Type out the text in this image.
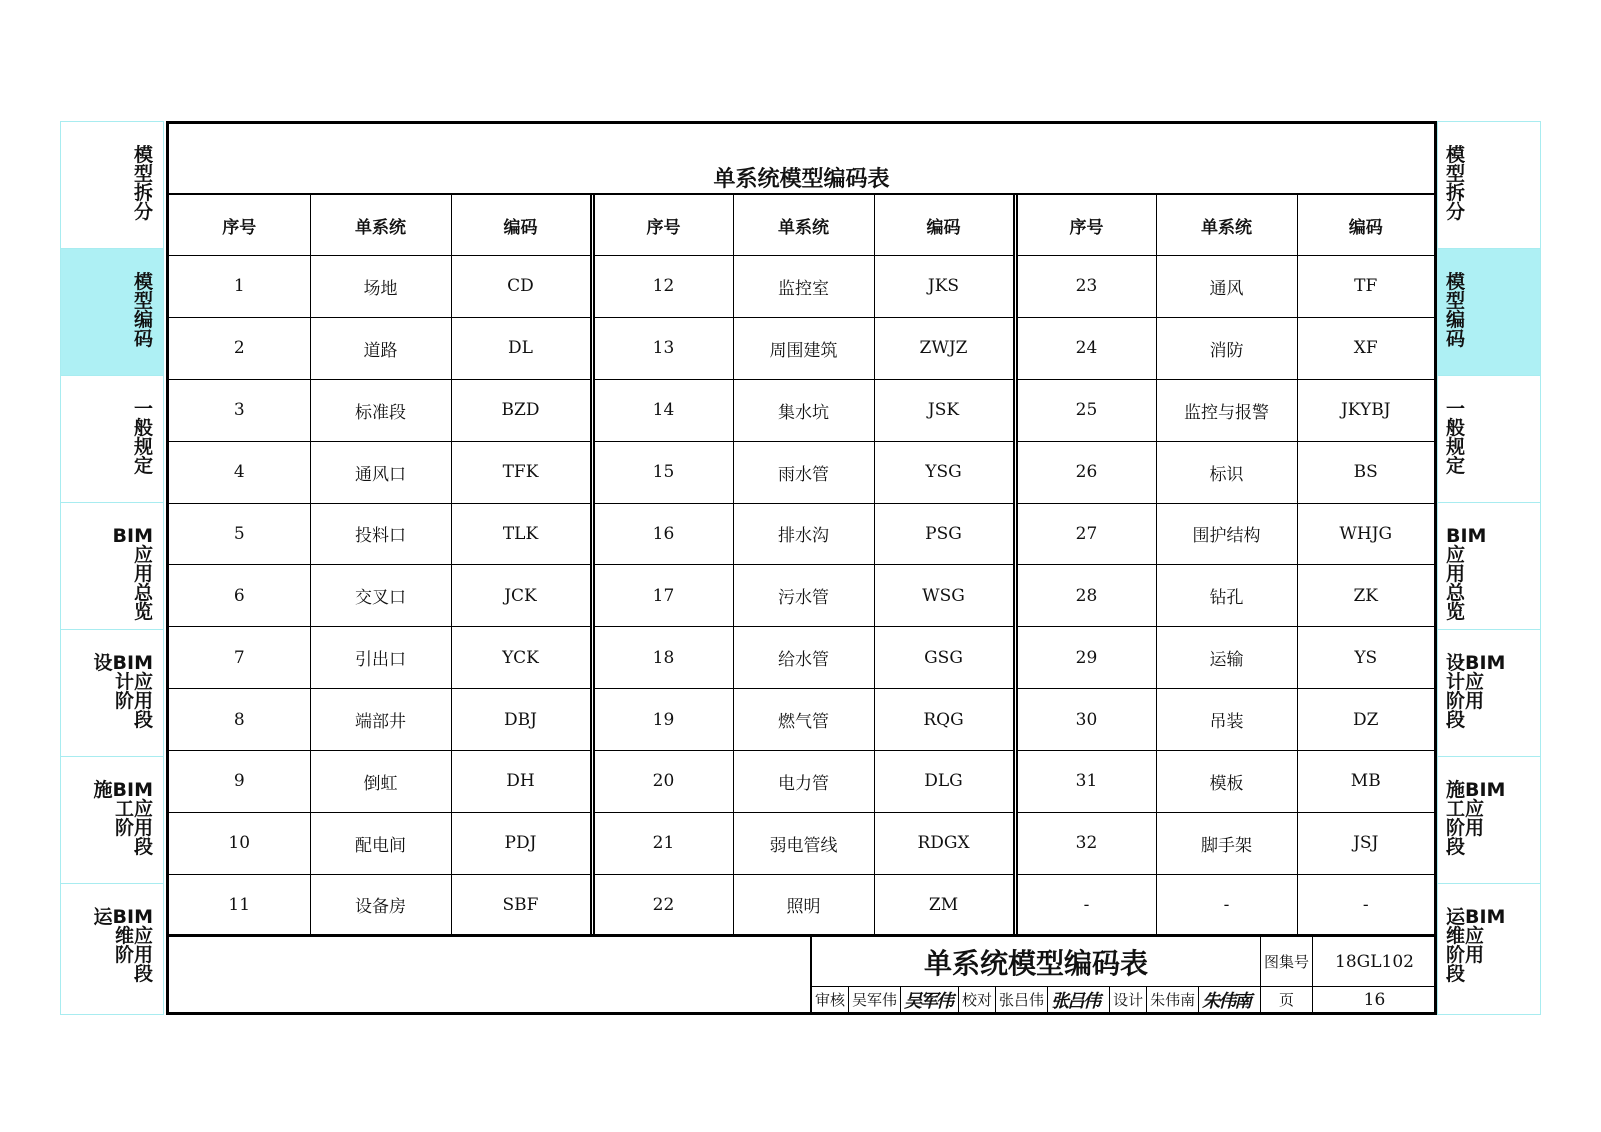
模
型
拆
分
模
型
编
码
一
般
规
定
BIM
应
用
总
览
设BIM
计应
阶用
段
施BIM
工应
阶用
段
运BIM
维应
阶用
段
模
型
拆
分
模
型
编
码
一
般
规
定
BIM
应
用
总
览
设BIM
计应
阶用
段
施BIM
工应
阶用
段
运BIM
维应
阶用
段
单系统模型编码表
序号	单系统	编码	序号	单系统	编码	序号	单系统	编码
1	场地	CD	12	监控室	JKS	23	通风	TF
2	道路	DL	13	周围建筑	ZWJZ	24	消防	XF
3	标准段	BZD	14	集水坑	JSK	25	监控与报警	JKYBJ
4	通风口	TFK	15	雨水管	YSG	26	标识	BS
5	投料口	TLK	16	排水沟	PSG	27	围护结构	WHJG
6	交叉口	JCK	17	污水管	WSG	28	钻孔	ZK
7	引出口	YCK	18	给水管	GSG	29	运输	YS
8	端部井	DBJ	19	燃气管	RQG	30	吊装	DZ
9	倒虹	DH	20	电力管	DLG	31	模板	MB
10	配电间	PDJ	21	弱电管线	RDGX	32	脚手架	JSJ
11	设备房	SBF	22	照明	ZM	-	-	-
单系统模型编码表	图集号	18GL102
页	16
审核 吴军伟 吴军伟 校对 张吕伟 张吕伟 设计 朱伟南 朱伟南
